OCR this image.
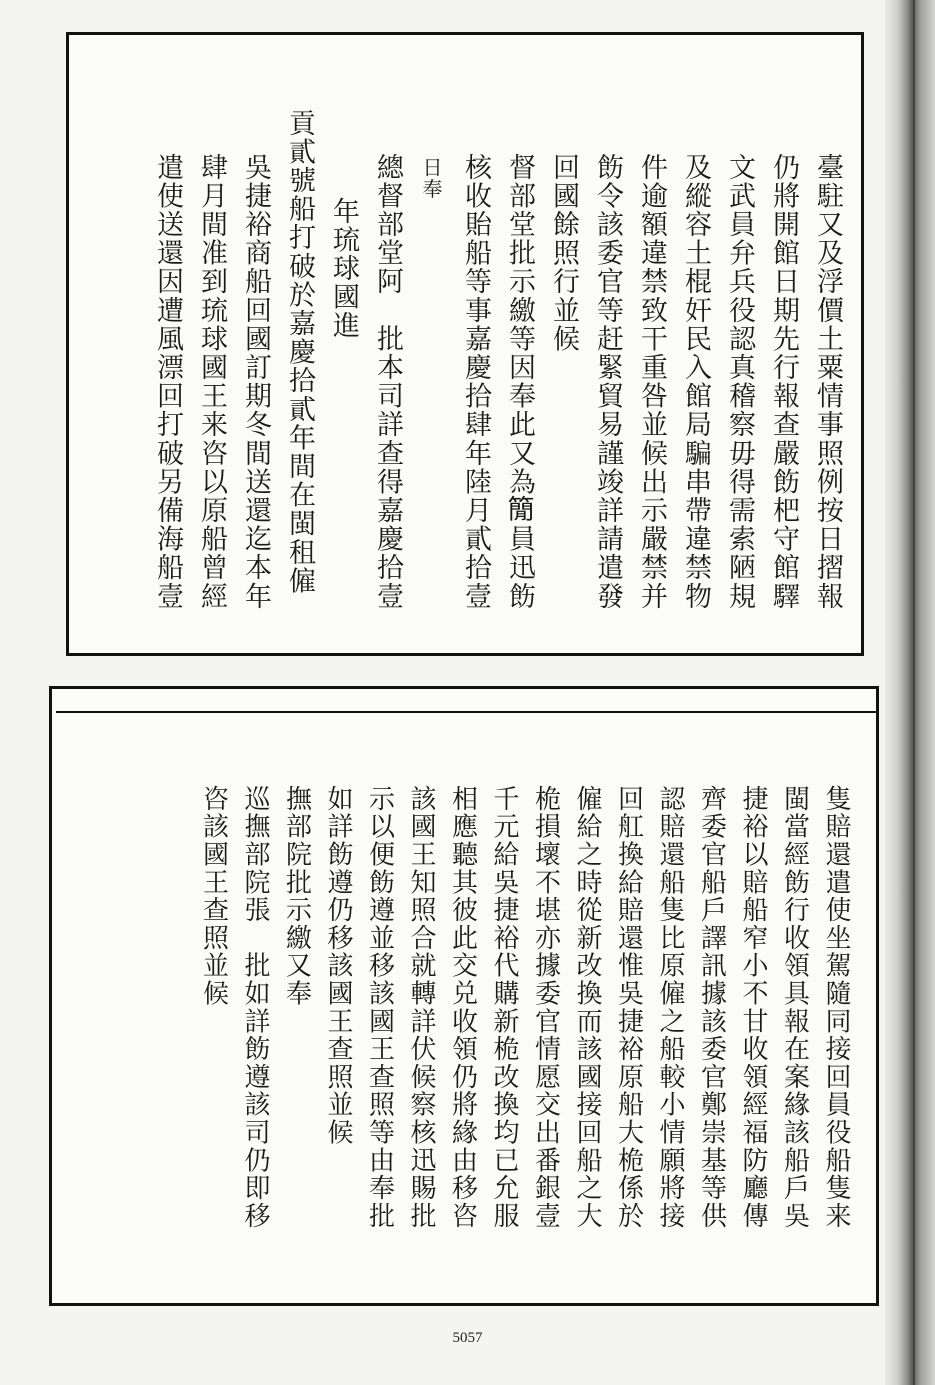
臺駐又及浮價土粟情事照例按日摺報
仍將開館日期先行報查嚴飭杷守館驛
文武員弁兵役認真稽察毋得需索陋規
及縱容土棍奸民入館局騙串帶違禁物
件逾額違禁致干重咎並候出示嚴禁并
飭令該委官等赶緊貿易謹竣詳請遣發
回國餘照行並候
督部堂批示繳等因奉此又為𥳑員迅飭
核收貽船等事嘉慶拾肆年陸月貳拾壹
日奉
總督部堂阿　批本司詳查得嘉慶拾壹
年琉球國進
貢貳號船打破於嘉慶拾貳年間在閩租僱
吳捷裕商船回國訂期冬間送還迄本年
肆月間准到琉球國王来咨以原船曾經
遣使送還因遭風漂回打破另備海船壹
隻賠還遣使坐駕隨同接回員役船隻来
閩當經飭行收領具報在案緣該船戶吳
捷裕以賠船窄小不甘收領經福防廳傳
齊委官船戶譯訊據該委官鄭崇基等供
認賠還船隻比原僱之船較小情願將接
回舡換給賠還惟吳捷裕原船大桅係於
僱給之時從新改換而該國接回船之大
桅損壞不堪亦據委官情愿交出番銀壹
千元給吳捷裕代購新桅改換均已允服
相應聽其彼此交兑收領仍將緣由移咨
該國王知照合就轉詳伏候察核迅賜批
示以便飭遵並移該國王查照等由奉批
如詳飭遵仍移該國王查照並候
撫部院批示繳又奉
巡撫部院張　批如詳飭遵該司仍即移
咨該國王查照並候
5057
